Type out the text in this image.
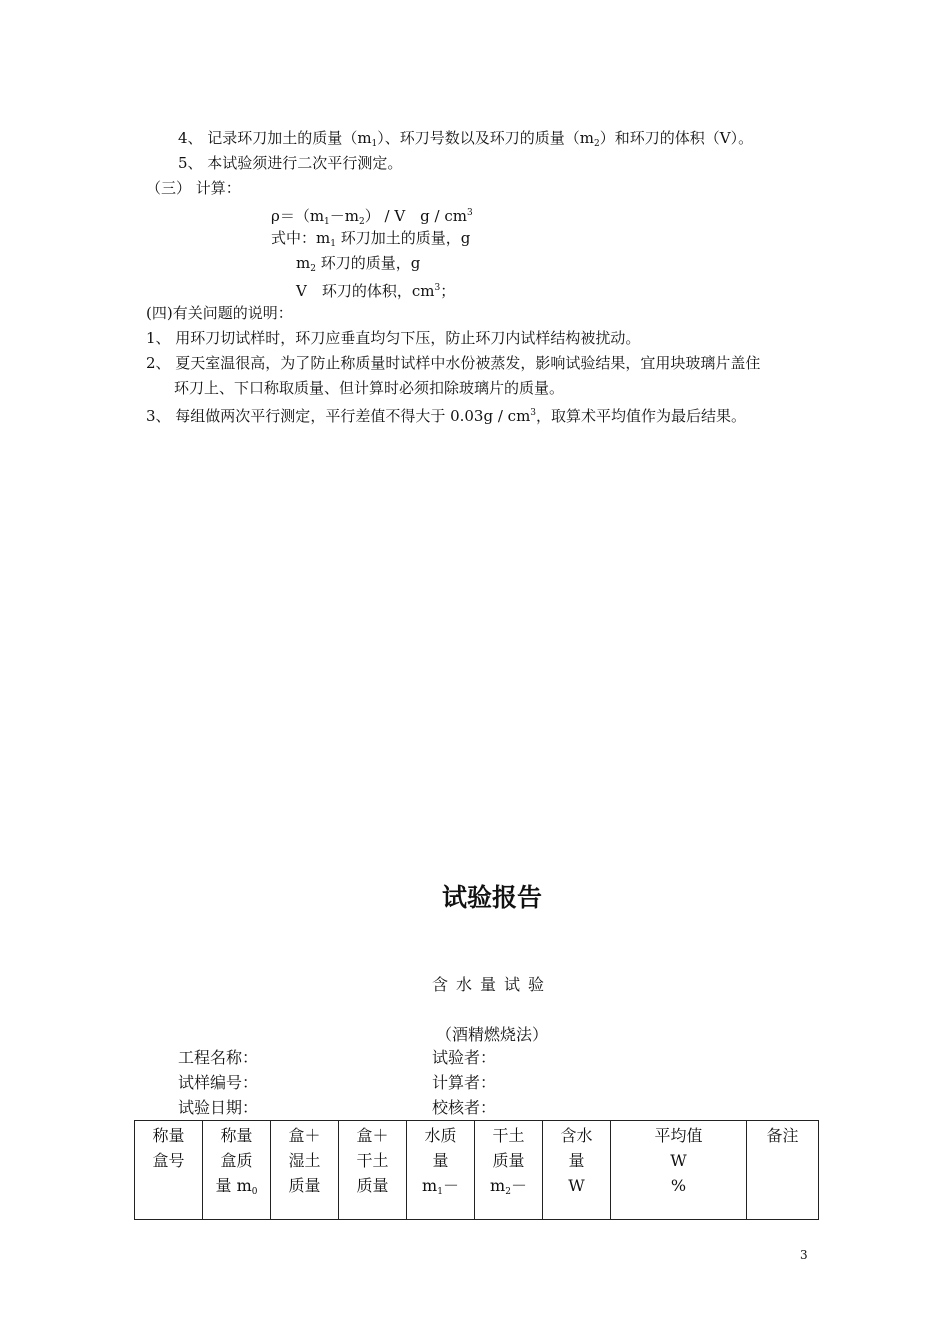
4、 记录环刀加土的质量$(m_1)$、环刀号数以及环刀的质量$(m_2)$和环刀的体积（V）。
5、 本试验须进行二次平行测定。
（三） 计算：
$\rho=(m_1-m_2) / V$　g / $cm^3$
式中：$m_1$ 环刀加土的质量，g
$m_2$ 环刀的质量，g
V　环刀的体积，$cm^3$；
(四)有关问题的说明：
1、 用环刀切试样时，环刀应垂直均匀下压，防止环刀内试样结构被扰动。
2、 夏天室温很高，为了防止称质量时试样中水份被蒸发，影响试验结果，宜用块玻璃片盖住
环刀上、下口称取质量、但计算时必须扣除玻璃片的质量。
3、 每组做两次平行测定，平行差值不得大于 $0.03g / cm^3$，取算术平均值作为最后结果。
试验报告
含水量试验
（酒精燃烧法）
工程名称：
试样编号：
试验日期：
试验者：
计算者：
校核者：
称量
盒号	称量
盒质
量 $m_0$	盒＋
湿土
质量	盒＋
干土
质量	水质
量
$m_1-$	干土
质量
$m_2-$	含水
量
W	平均值
W
%	备注
3
